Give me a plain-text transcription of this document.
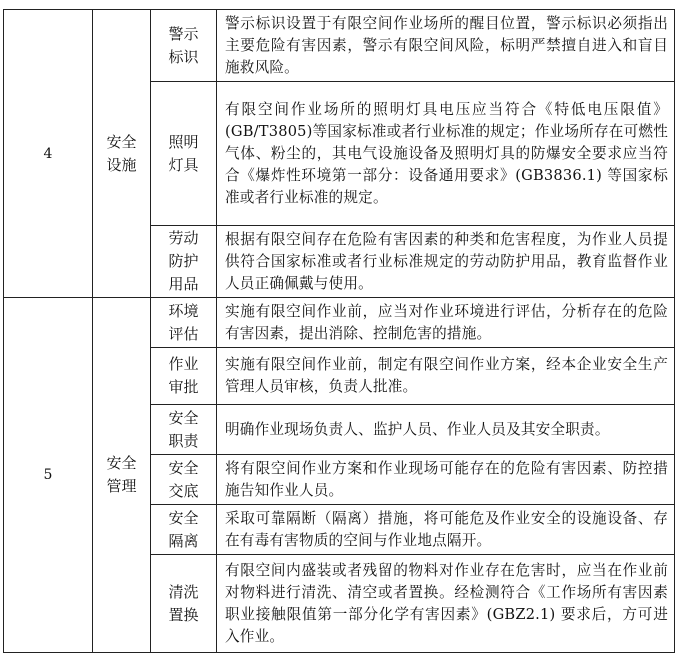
4	安全设施	警示标识	警示标识设置于有限空间作业场所的醒目位置，警示标识必须指出主要危险有害因素，警示有限空间风险，标明严禁擅自进入和盲目施救风险。
		照明灯具	有限空间作业场所的照明灯具电压应当符合《特低电压限值》(GB/T3805)等国家标准或者行业标准的规定；作业场所存在可燃性气体、粉尘的，其电气设施设备及照明灯具的防爆安全要求应当符合《爆炸性环境第一部分：设备通用要求》(GB3836.1) 等国家标准或者行业标准的规定。
		劳动防护用品	根据有限空间存在危险有害因素的种类和危害程度，为作业人员提供符合国家标准或者行业标准规定的劳动防护用品，教育监督作业人员正确佩戴与使用。
5	安全管理	环境评估	实施有限空间作业前，应当对作业环境进行评估，分析存在的危险有害因素，提出消除、控制危害的措施。
		作业审批	实施有限空间作业前，制定有限空间作业方案，经本企业安全生产管理人员审核，负责人批准。
		安全职责	明确作业现场负责人、监护人员、作业人员及其安全职责。
		安全交底	将有限空间作业方案和作业现场可能存在的危险有害因素、防控措施告知作业人员。
		安全隔离	采取可靠隔断（隔离）措施，将可能危及作业安全的设施设备、存在有毒有害物质的空间与作业地点隔开。
		清洗置换	有限空间内盛装或者残留的物料对作业存在危害时，应当在作业前对物料进行清洗、清空或者置换。经检测符合《工作场所有害因素职业接触限值第一部分化学有害因素》(GBZ2.1) 要求后，方可进入作业。
